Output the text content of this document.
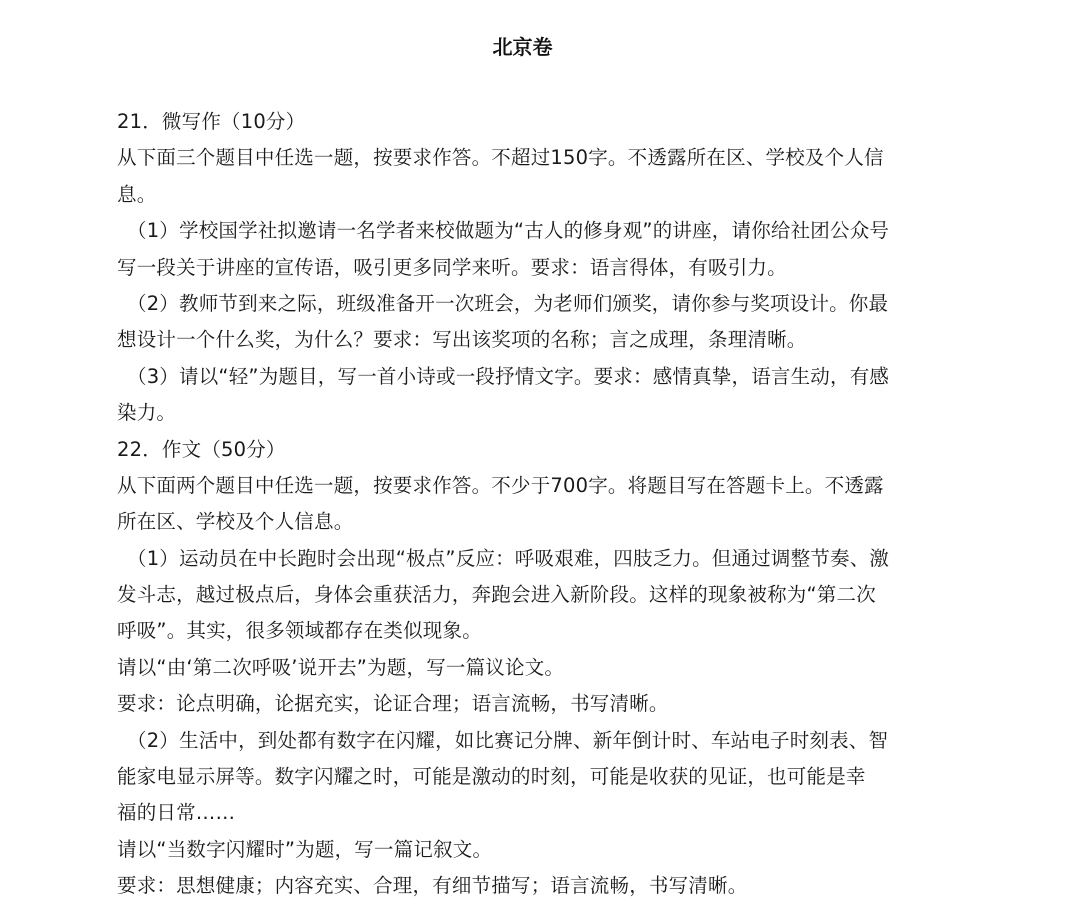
北京卷
21．微写作（10分）
从下面三个题目中任选一题，按要求作答。不超过150字。不透露所在区、学校及个人信
息。
（1）学校国学社拟邀请一名学者来校做题为“古人的修身观”的讲座，请你给社团公众号
写一段关于讲座的宣传语，吸引更多同学来听。要求：语言得体，有吸引力。
（2）教师节到来之际，班级准备开一次班会，为老师们颁奖，请你参与奖项设计。你最
想设计一个什么奖，为什么？要求：写出该奖项的名称；言之成理，条理清晰。
（3）请以“轻”为题目，写一首小诗或一段抒情文字。要求：感情真挚，语言生动，有感
染力。
22．作文（50分）
从下面两个题目中任选一题，按要求作答。不少于700字。将题目写在答题卡上。不透露
所在区、学校及个人信息。
（1）运动员在中长跑时会出现“极点”反应：呼吸艰难，四肢乏力。但通过调整节奏、激
发斗志，越过极点后，身体会重获活力，奔跑会进入新阶段。这样的现象被称为“第二次
呼吸”。其实，很多领域都存在类似现象。
请以“由‘第二次呼吸’说开去”为题，写一篇议论文。
要求：论点明确，论据充实，论证合理；语言流畅，书写清晰。
（2）生活中，到处都有数字在闪耀，如比赛记分牌、新年倒计时、车站电子时刻表、智
能家电显示屏等。数字闪耀之时，可能是激动的时刻，可能是收获的见证，也可能是幸
福的日常……
请以“当数字闪耀时”为题，写一篇记叙文。
要求：思想健康；内容充实、合理，有细节描写；语言流畅，书写清晰。
